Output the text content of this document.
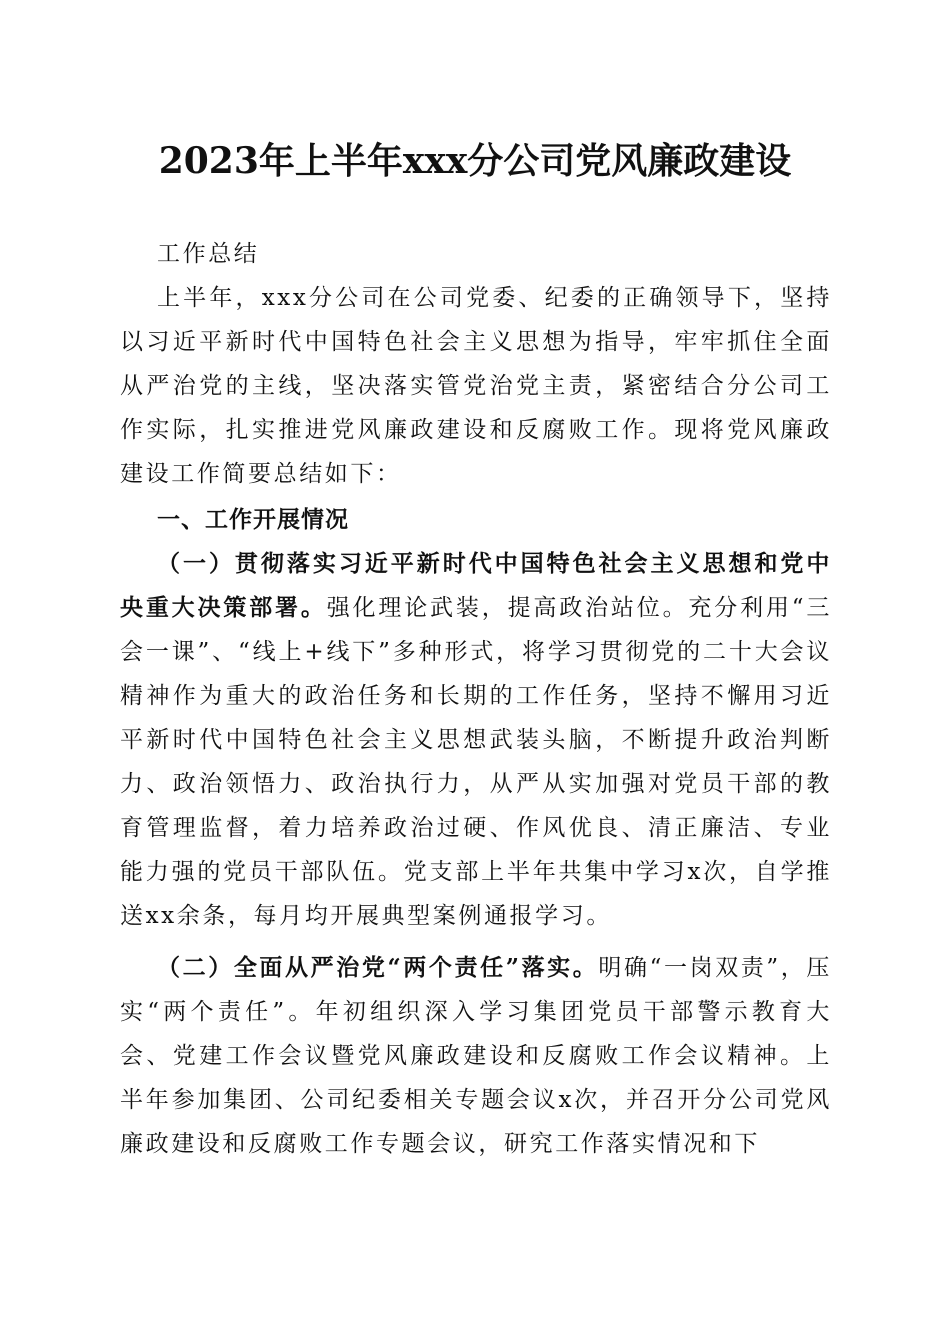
2023年上半年xxx分公司党风廉政建设
工作总结
上半年，xxx分公司在公司党委、纪委的正确领导下，坚持以习近平新时代中国特色社会主义思想为指导，牢牢抓住全面从严治党的主线，坚决落实管党治党主责，紧密结合分公司工作实际，扎实推进党风廉政建设和反腐败工作。现将党风廉政建设工作简要总结如下：
一、工作开展情况
（一）贯彻落实习近平新时代中国特色社会主义思想和党中央重大决策部署。强化理论武装，提高政治站位。充分利用“三会一课”、“线上+线下”多种形式，将学习贯彻党的二十大会议精神作为重大的政治任务和长期的工作任务，坚持不懈用习近平新时代中国特色社会主义思想武装头脑，不断提升政治判断力、政治领悟力、政治执行力，从严从实加强对党员干部的教育管理监督，着力培养政治过硬、作风优良、清正廉洁、专业能力强的党员干部队伍。党支部上半年共集中学习x次，自学推送xx余条，每月均开展典型案例通报学习。
（二）全面从严治党“两个责任”落实。明确“一岗双责”，压实“两个责任”。年初组织深入学习集团党员干部警示教育大会、党建工作会议暨党风廉政建设和反腐败工作会议精神。上半年参加集团、公司纪委相关专题会议x次，并召开分公司党风廉政建设和反腐败工作专题会议，研究工作落实情况和下
